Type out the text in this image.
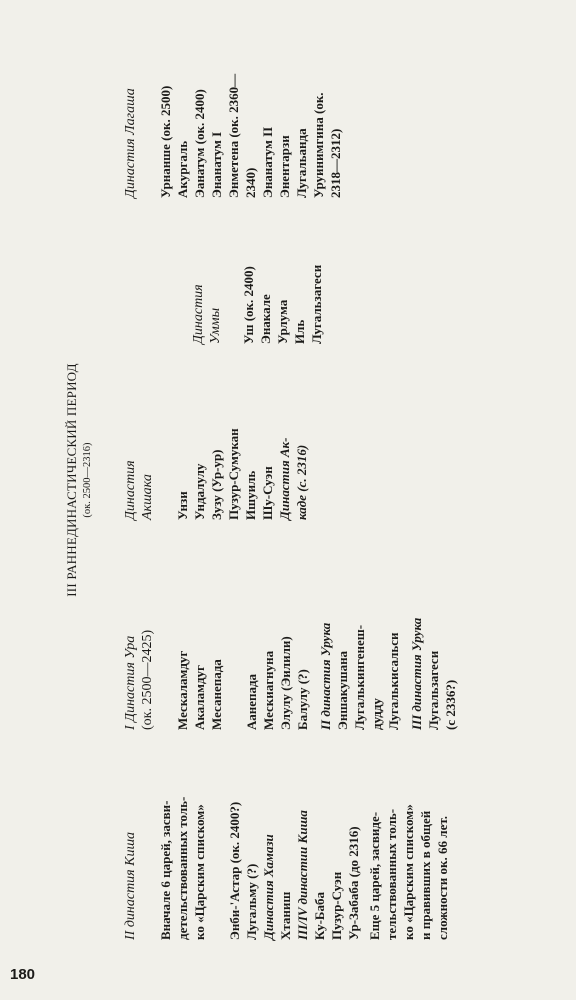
180
III РАННЕДИНАСТИЧЕСКИЙ ПЕРИОД (ок. 2500—2316)
II династия Киша Вначале 6 царей, засви- детельствованных толь- ко «Царским списком» Энби-'Астар (ок. 2400?) Лугальму (?) Династия Хамази Хтаниш III/IV династии Киша Ку-Баба Пузур-Суэн Ур-Забаба (до 2316) Еще 5 царей, засвидe- тельствованных толь- ко «Царским списком» и правивших в общей сложности ок. 66 лет.
I Династия Ура (ок. 2500—2425) Мескаламдуг Акаламдуг Месанепада Аанепада Мескиагнуна Элулу (Эилили) Балулу (?) II династия Урука Эншакушана Лугалькингенеш- дудду Лугалькисальси III династия Урука Лугальзагеси (с 2336?)
Династия Акшака Унзи Ундалулу Зузу (Ур-ур) Пузур-Сумукан Ишуиль Шу-Суэн Династия Ак- каде (с. 2316)
Династия Уммы Уш (ок. 2400) Энакале Урлума Иль Лугальзагеси
Династия Лагаша Урнанше (ок. 2500) Акургаль Эанатум (ок. 2400) Энанатум I Энметена (ок. 2360— 2340) Энанатум II Энентарзи Лугальанда Уруинимгина (ок. 2318—2312)
